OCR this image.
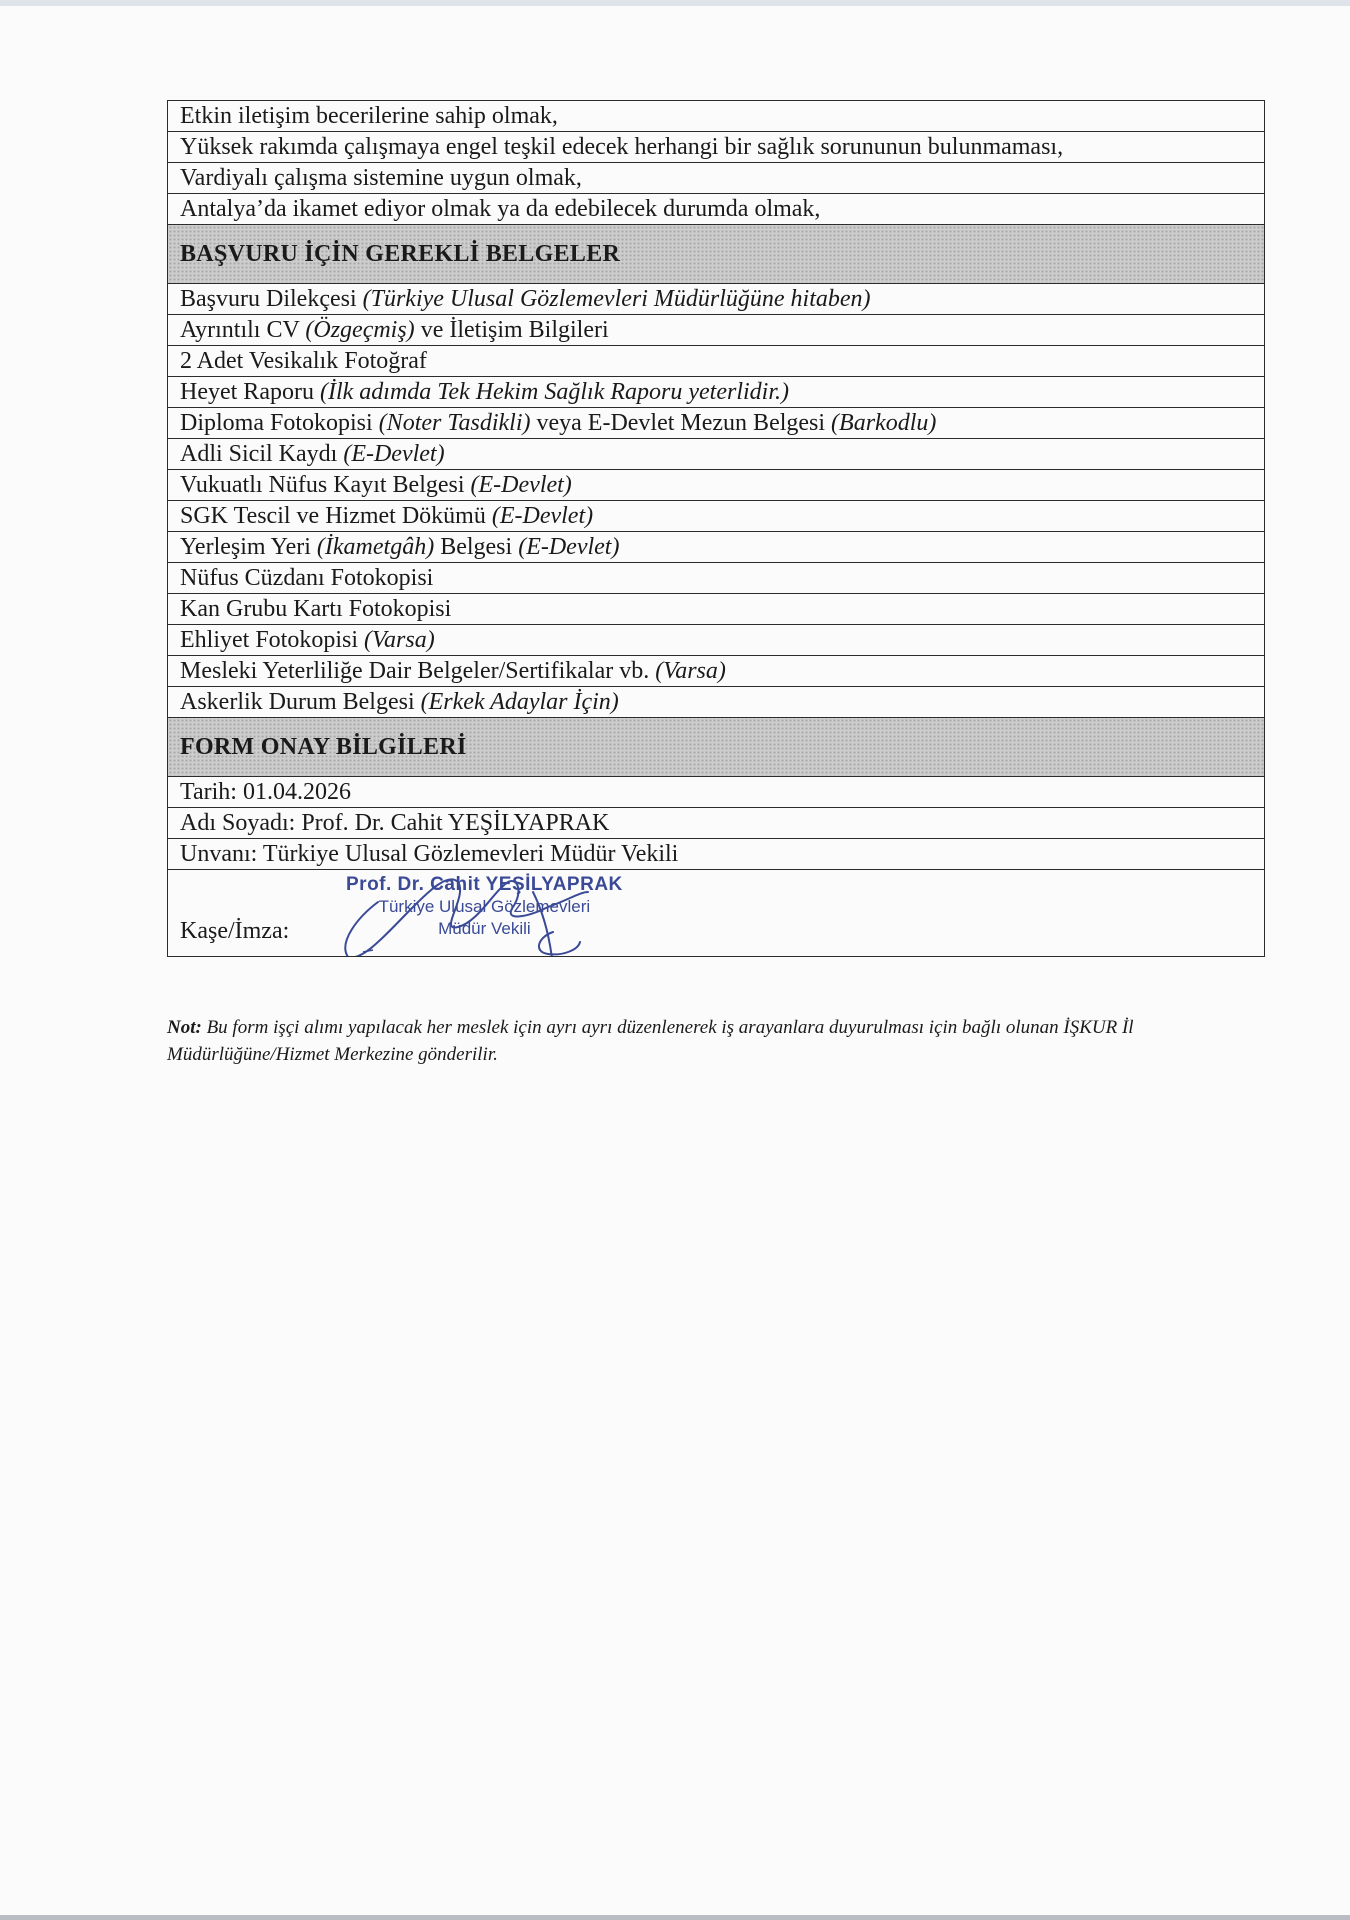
Etkin iletişim becerilerine sahip olmak,
Yüksek rakımda çalışmaya engel teşkil edecek herhangi bir sağlık sorununun bulunmaması,
Vardiyalı çalışma sistemine uygun olmak,
Antalya’da ikamet ediyor olmak ya da edebilecek durumda olmak,
BAŞVURU İÇİN GEREKLİ BELGELER
Başvuru Dilekçesi (Türkiye Ulusal Gözlemevleri Müdürlüğüne hitaben)
Ayrıntılı CV (Özgeçmiş) ve İletişim Bilgileri
2 Adet Vesikalık Fotoğraf
Heyet Raporu (İlk adımda Tek Hekim Sağlık Raporu yeterlidir.)
Diploma Fotokopisi (Noter Tasdikli) veya E-Devlet Mezun Belgesi (Barkodlu)
Adli Sicil Kaydı (E-Devlet)
Vukuatlı Nüfus Kayıt Belgesi (E-Devlet)
SGK Tescil ve Hizmet Dökümü (E-Devlet)
Yerleşim Yeri (İkametgâh) Belgesi (E-Devlet)
Nüfus Cüzdanı Fotokopisi
Kan Grubu Kartı Fotokopisi
Ehliyet Fotokopisi (Varsa)
Mesleki Yeterliliğe Dair Belgeler/Sertifikalar vb. (Varsa)
Askerlik Durum Belgesi (Erkek Adaylar İçin)
FORM ONAY BİLGİLERİ
Tarih: 01.04.2026
Adı Soyadı: Prof. Dr. Cahit YEŞİLYAPRAK
Unvanı: Türkiye Ulusal Gözlemevleri Müdür Vekili

Kaşe/İmza:
Prof. Dr. Cahit YEŞİLYAPRAK
Türkiye Ulusal Gözlemevleri
Müdür Vekili
Not: Bu form işçi alımı yapılacak her meslek için ayrı ayrı düzenlenerek iş arayanlara duyurulması için bağlı olunan İŞKUR İl Müdürlüğüne/Hizmet Merkezine gönderilir.
